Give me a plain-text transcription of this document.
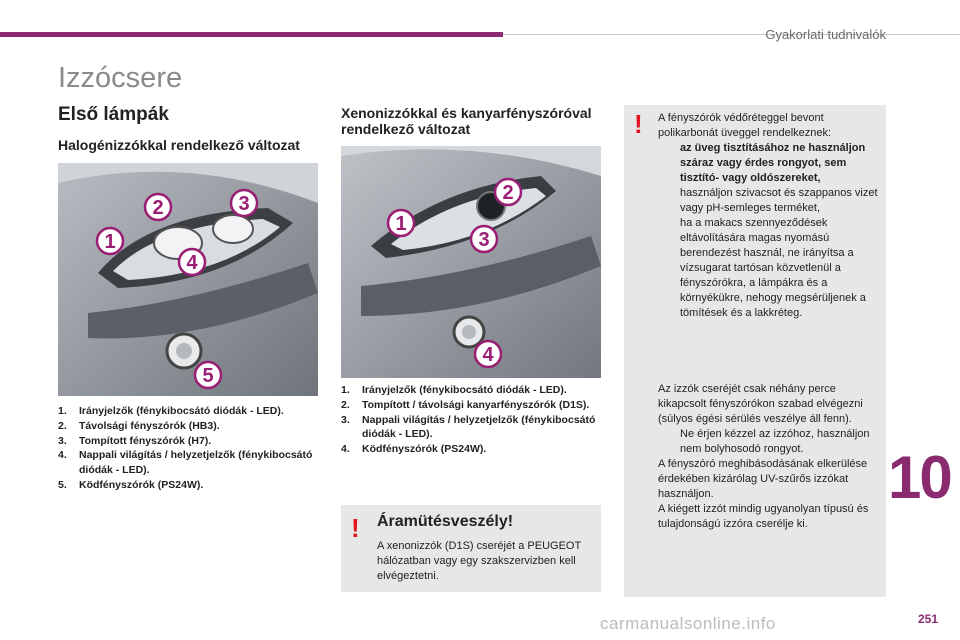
Gyakorlati tudnivalók
Izzócsere
Első lámpák
Halogénizzókkal rendelkező változat
Xenonizzókkal és kanyarfényszóróval rendelkező változat
2	3
1
4
5
1
2
3
4
1. Irányjelzők (fénykibocsátó diódák - LED).
2. Távolsági fényszórók (HB3).
3. Tompított fényszórók (H7).
4. Nappali világítás / helyzetjelzők (fénykibocsátó diódák - LED).
5. Ködfényszórók (PS24W).
1. Irányjelzők (fénykibocsátó diódák - LED).
2. Tompított / távolsági kanyarfényszórók (D1S).
3. Nappali világítás / helyzetjelzők (fénykibocsátó diódák - LED).
4. Ködfényszórók (PS24W).
! Áramütésveszély!
A xenonizzók (D1S) cseréjét a PEUGEOT hálózatban vagy egy szakszervizben kell elvégeztetni.
! A fényszórók védőréteggel bevont polikarbonát üveggel rendelkeznek:
az üveg tisztításához ne használjon száraz vagy érdes rongyot, sem tisztító- vagy oldószereket,
használjon szivacsot és szappanos vizet vagy pH-semleges terméket,
ha a makacs szennyeződések eltávolítására magas nyomású berendezést használ, ne irányítsa a vízsugarat tartósan közvetlenül a fényszórókra, a lámpákra és a környékükre, nehogy megsérüljenek a tömítések és a lakkréteg.
Az izzók cseréjét csak néhány perce kikapcsolt fényszórókon szabad elvégezni (súlyos égési sérülés veszélye áll fenn).
Ne érjen kézzel az izzóhoz, használjon nem bolyhosodó rongyot.
A fényszóró meghibásodásának elkerülése érdekében kizárólag UV-szűrős izzókat használjon.
A kiégett izzót mindig ugyanolyan típusú és tulajdonságú izzóra cserélje ki.
10
carmanualsonline.info	251
